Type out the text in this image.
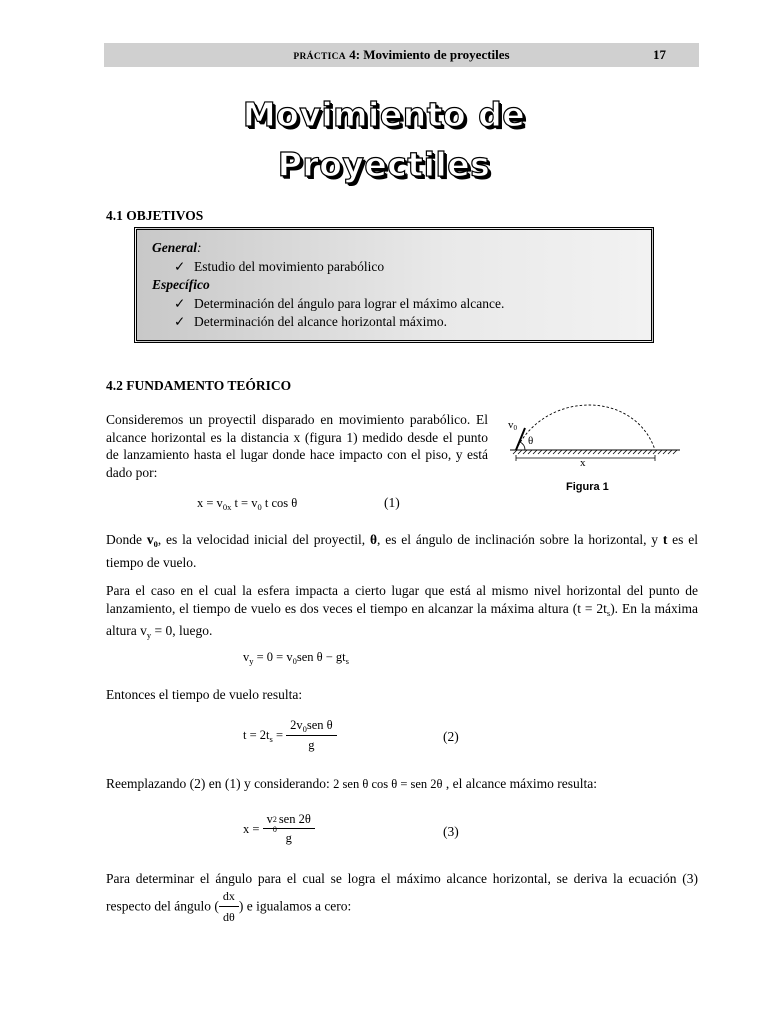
PRÁCTICA 4: Movimiento de proyectiles	17
Movimiento de
Proyectiles
4.1 OBJETIVOS
General:
✓ Estudio del movimiento parabólico
Específico
✓ Determinación del ángulo para lograr el máximo alcance.
✓ Determinación del alcance horizontal máximo.
4.2 FUNDAMENTO TEÓRICO
Consideremos un proyectil disparado en movimiento parabólico. El alcance horizontal es la distancia x (figura 1) medido desde el punto de lanzamiento hasta el lugar donde hace impacto con el piso, y está dado por:
v0
θ
x
Figura 1
$x = v_{0x}$ $t = v_0$ t cos θ	(1)
Donde $v_0$, es la velocidad inicial del proyectil, θ, es el ángulo de inclinación sobre la horizontal, y t es el tiempo de vuelo.
Para el caso en el cual la esfera impacta a cierto lugar que está al mismo nivel horizontal del punto de lanzamiento, el tiempo de vuelo es dos veces el tiempo en alcanzar la máxima altura $(t = 2t_s)$. En la máxima altura $v_y = 0$, luego.
$v_y = 0 = v_0sen$ $\theta - gt_s$
Entonces el tiempo de vuelo resulta:
$t = 2t_s = \frac{2v_0sen \theta}{g}$	(2)
Reemplazando (2) en (1) y considerando: 2 sen θ cos θ = sen 2θ , el alcance máximo resulta:
x = v 2
0
sen 2θ
g	(3)
Para determinar el ángulo para el cual se logra el máximo alcance horizontal, se deriva la ecuación (3) respecto del ángulo ( $\frac{dx}{d\theta}$ ) e igualamos a cero:
